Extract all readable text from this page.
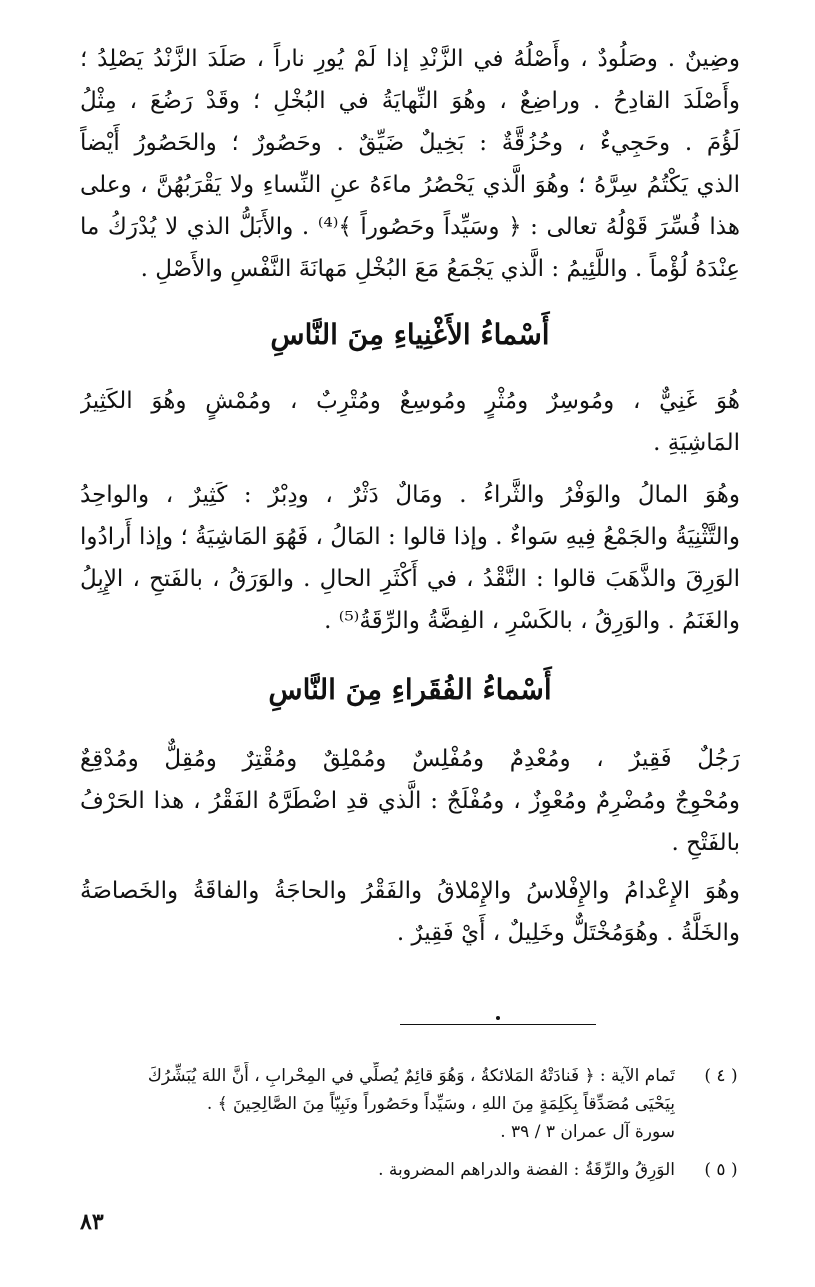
وضِينٌ . وصَلُودٌ ، وأَصْلُهُ في الزَّنْدِ إذا لَمْ يُورِ ناراً ، صَلَدَ الزَّنْدُ يَصْلِدُ ؛
وأَصْلَدَ القادِحُ . وراضِعٌ ، وهُوَ النِّهايَةُ في البُخْلِ ؛ وقَدْ رَضُعَ ، مِثْلُ
لَؤُمَ . وحَجِيءٌ ، وحُزُقَّةٌ : بَخِيلٌ ضَيِّقٌ . وحَصُورٌ ؛ والحَصُورُ أَيْضاً
الذي يَكْتُمُ سِرَّهُ ؛ وهُوَ الَّذي يَحْصُرُ ماءَهُ عنِ النِّساءِ ولا يَقْرَبُهُنَّ ، وعلى
هذا فُسِّرَ قَوْلُهُ تعالى : ﴿ وسَيِّداً وحَصُوراً ﴾⁽⁴⁾ . والأَبَلُّ الذي لا يُدْرَكُ ما
عِنْدَهُ لُؤْماً . واللَّئِيمُ : الَّذي يَجْمَعُ مَعَ البُخْلِ مَهانَةَ النَّفْسِ والأَصْلِ .
أَسْماءُ الأَغْنِياءِ مِنَ النَّاسِ
هُوَ غَنِيٌّ ، ومُوسِرٌ ومُثْرٍ ومُوسِعٌ ومُتْرِبٌ ، ومُمْشٍ وهُوَ الكَثِيرُ
المَاشِيَةِ .
وهُوَ المالُ والوَفْرُ والثَّراءُ . ومَالٌ دَثْرٌ ، ودِبْرٌ : كَثِيرٌ ، والواحِدُ
والتَّثْنِيَةُ والجَمْعُ فِيهِ سَواءٌ . وإذا قالوا : المَالُ ، فَهُوَ المَاشِيَةُ ؛ وإذا أَرادُوا
الوَرِقَ والذَّهَبَ قالوا : النَّقْدُ ، في أَكْثَرِ الحالِ . والوَرَقُ ، بالفَتحِ ، الإِبِلُ
والغَنَمُ . والوَرِقُ ، بالكَسْرِ ، الفِضَّةُ والرِّقَةُ⁽⁵⁾ .
أَسْماءُ الفُقَراءِ مِنَ النَّاسِ
رَجُلٌ فَقِيرٌ ، ومُعْدِمٌ ومُفْلِسٌ ومُمْلِقٌ ومُقْتِرٌ ومُقِلٌّ ومُدْقِعٌ
ومُحْوِجٌ ومُضْرِمٌ ومُعْوِزٌ ، ومُفْلَجٌ : الَّذي قدِ اضْطَرَّهُ الفَقْرُ ، هذا الحَرْفُ
بالفَتْحِ .
وهُوَ الإِعْدامُ والإِفْلاسُ والإِمْلاقُ والفَقْرُ والحاجَةُ والفاقَةُ والخَصاصَةُ
والخَلَّةُ . وهُوَمُخْتَلٌّ وخَلِيلٌ ، أَيْ فَقِيرٌ .
( ٤ )
تَمام الآية : ﴿ فَنادَتْهُ المَلائكةُ ، وَهُوَ قائِمٌ يُصلِّي في المِحْرابِ ، أَنَّ اللهَ يُبَشِّرُكَ
بِيَحْيَى مُصَدِّقاً بِكَلِمَةٍ مِنَ اللهِ ، وسَيِّداً وحَصُوراً ونَبِيّاً مِنَ الصَّالِحِينَ ﴾ .
سورة آل عمران ٣ / ٣٩ .
( ٥ )
الوَرِقُ والرِّقَةُ : الفضة والدراهم المضروبة .
٨٣
